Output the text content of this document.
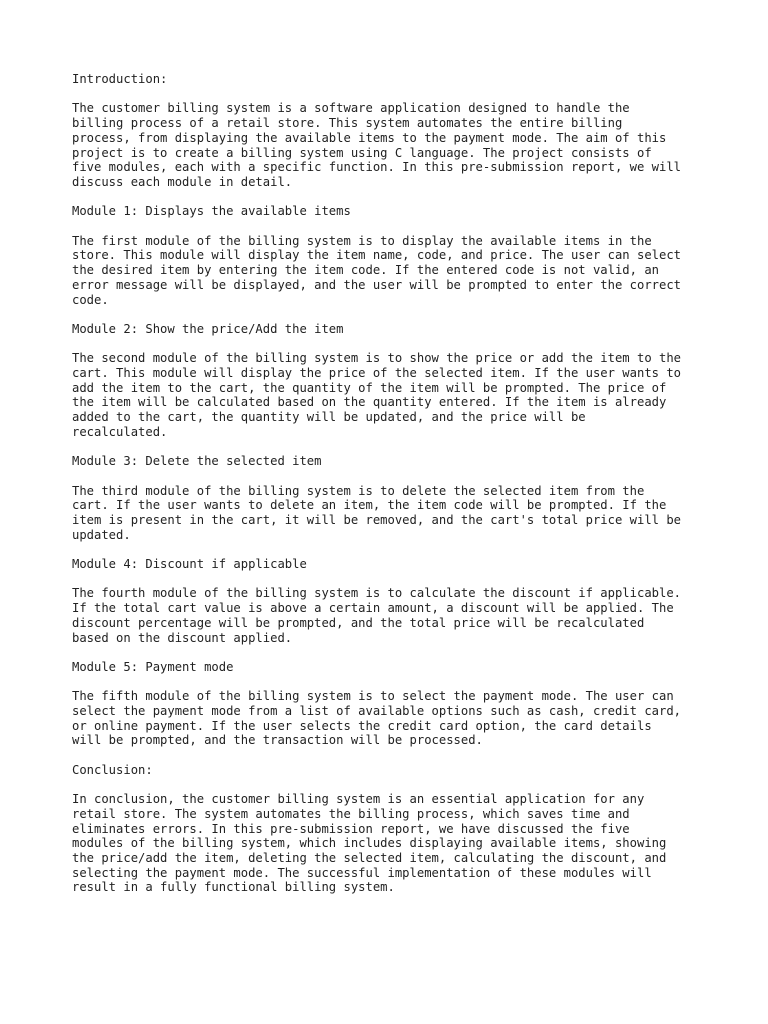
Introduction:

The customer billing system is a software application designed to handle the
billing process of a retail store. This system automates the entire billing
process, from displaying the available items to the payment mode. The aim of this
project is to create a billing system using C language. The project consists of
five modules, each with a specific function. In this pre-submission report, we will
discuss each module in detail.

Module 1: Displays the available items

The first module of the billing system is to display the available items in the
store. This module will display the item name, code, and price. The user can select
the desired item by entering the item code. If the entered code is not valid, an
error message will be displayed, and the user will be prompted to enter the correct
code.

Module 2: Show the price/Add the item

The second module of the billing system is to show the price or add the item to the
cart. This module will display the price of the selected item. If the user wants to
add the item to the cart, the quantity of the item will be prompted. The price of
the item will be calculated based on the quantity entered. If the item is already
added to the cart, the quantity will be updated, and the price will be
recalculated.

Module 3: Delete the selected item

The third module of the billing system is to delete the selected item from the
cart. If the user wants to delete an item, the item code will be prompted. If the
item is present in the cart, it will be removed, and the cart's total price will be
updated.

Module 4: Discount if applicable

The fourth module of the billing system is to calculate the discount if applicable.
If the total cart value is above a certain amount, a discount will be applied. The
discount percentage will be prompted, and the total price will be recalculated
based on the discount applied.

Module 5: Payment mode

The fifth module of the billing system is to select the payment mode. The user can
select the payment mode from a list of available options such as cash, credit card,
or online payment. If the user selects the credit card option, the card details
will be prompted, and the transaction will be processed.

Conclusion:

In conclusion, the customer billing system is an essential application for any
retail store. The system automates the billing process, which saves time and
eliminates errors. In this pre-submission report, we have discussed the five
modules of the billing system, which includes displaying available items, showing
the price/add the item, deleting the selected item, calculating the discount, and
selecting the payment mode. The successful implementation of these modules will
result in a fully functional billing system.
